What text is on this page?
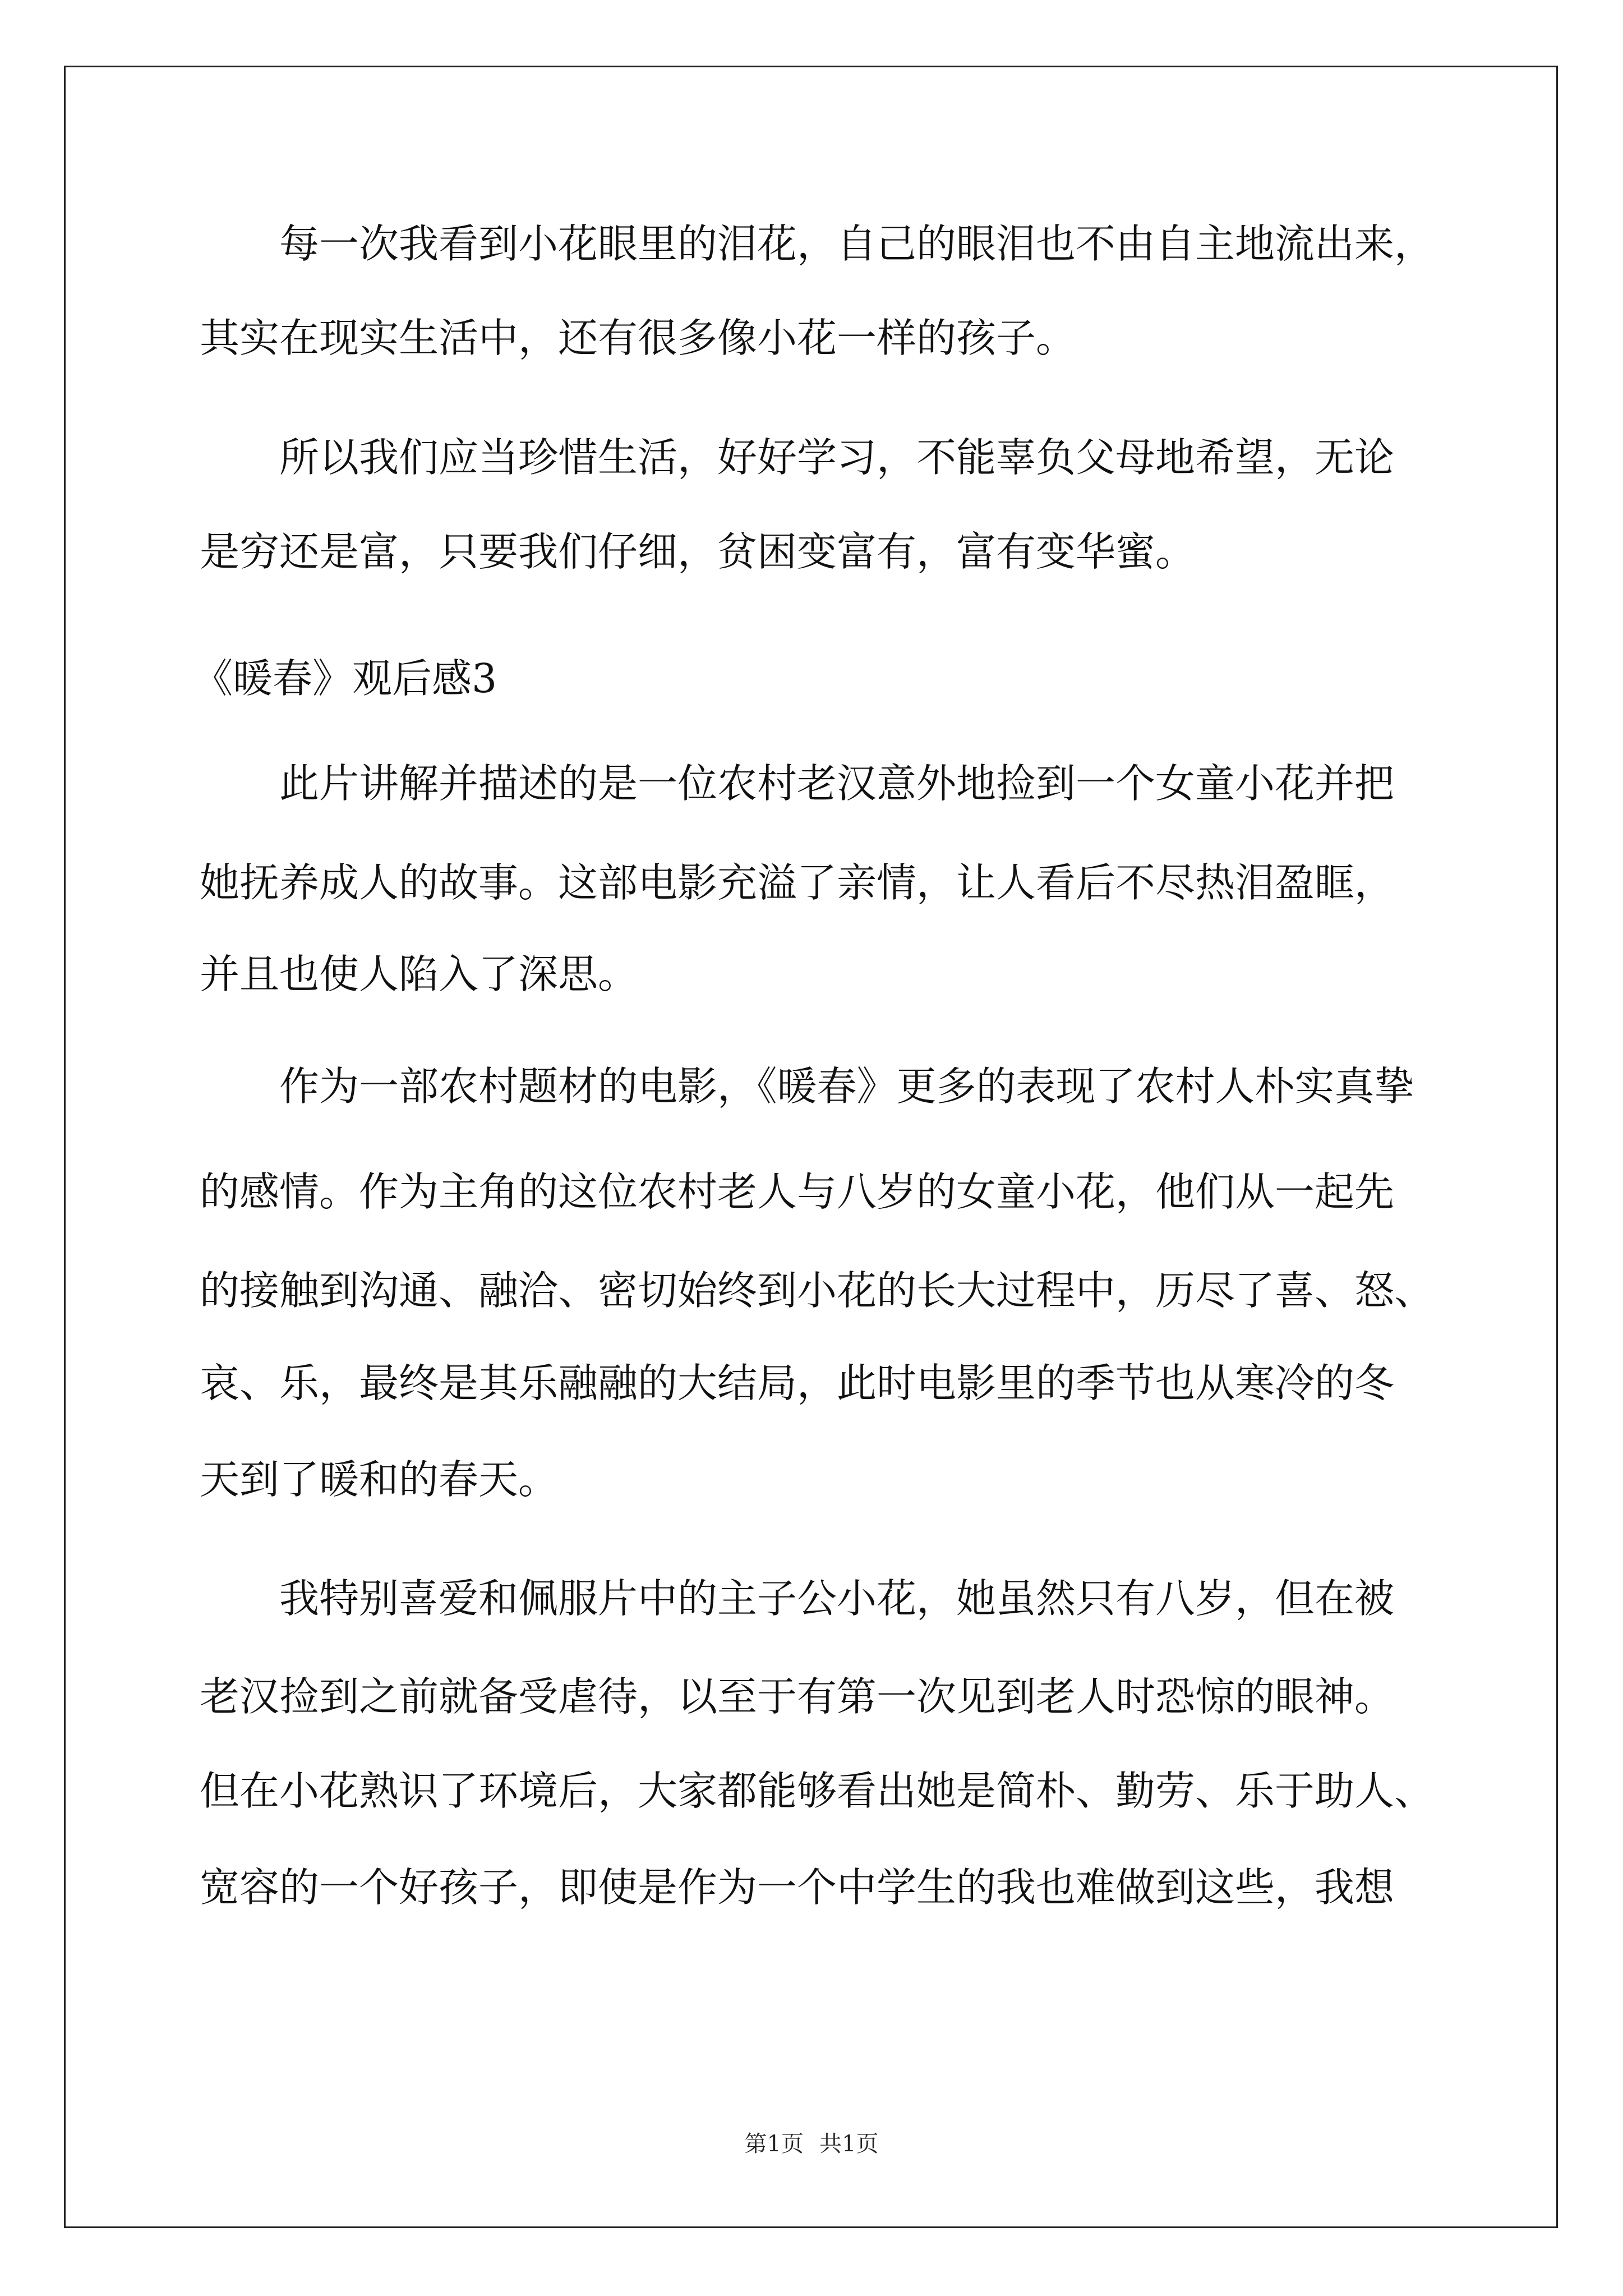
　　每一次我看到小花眼里的泪花，自己的眼泪也不由自主地流出来，
其实在现实生活中，还有很多像小花一样的孩子。
　　所以我们应当珍惜生活，好好学习，不能辜负父母地希望，无论
是穷还是富，只要我们仔细，贫困变富有，富有变华蜜。
《暖春》观后感3
　　此片讲解并描述的是一位农村老汉意外地捡到一个女童小花并把
她抚养成人的故事。这部电影充溢了亲情，让人看后不尽热泪盈眶，
并且也使人陷入了深思。
　　作为一部农村题材的电影，《暖春》更多的表现了农村人朴实真挚
的感情。作为主角的这位农村老人与八岁的女童小花，他们从一起先
的接触到沟通、融洽、密切始终到小花的长大过程中，历尽了喜、怒、
哀、乐，最终是其乐融融的大结局，此时电影里的季节也从寒冷的冬
天到了暖和的春天。
　　我特别喜爱和佩服片中的主子公小花，她虽然只有八岁，但在被
老汉捡到之前就备受虐待，以至于有第一次见到老人时恐惊的眼神。
但在小花熟识了环境后，大家都能够看出她是简朴、勤劳、乐于助人、
宽容的一个好孩子，即使是作为一个中学生的我也难做到这些，我想
第1页 共1页
